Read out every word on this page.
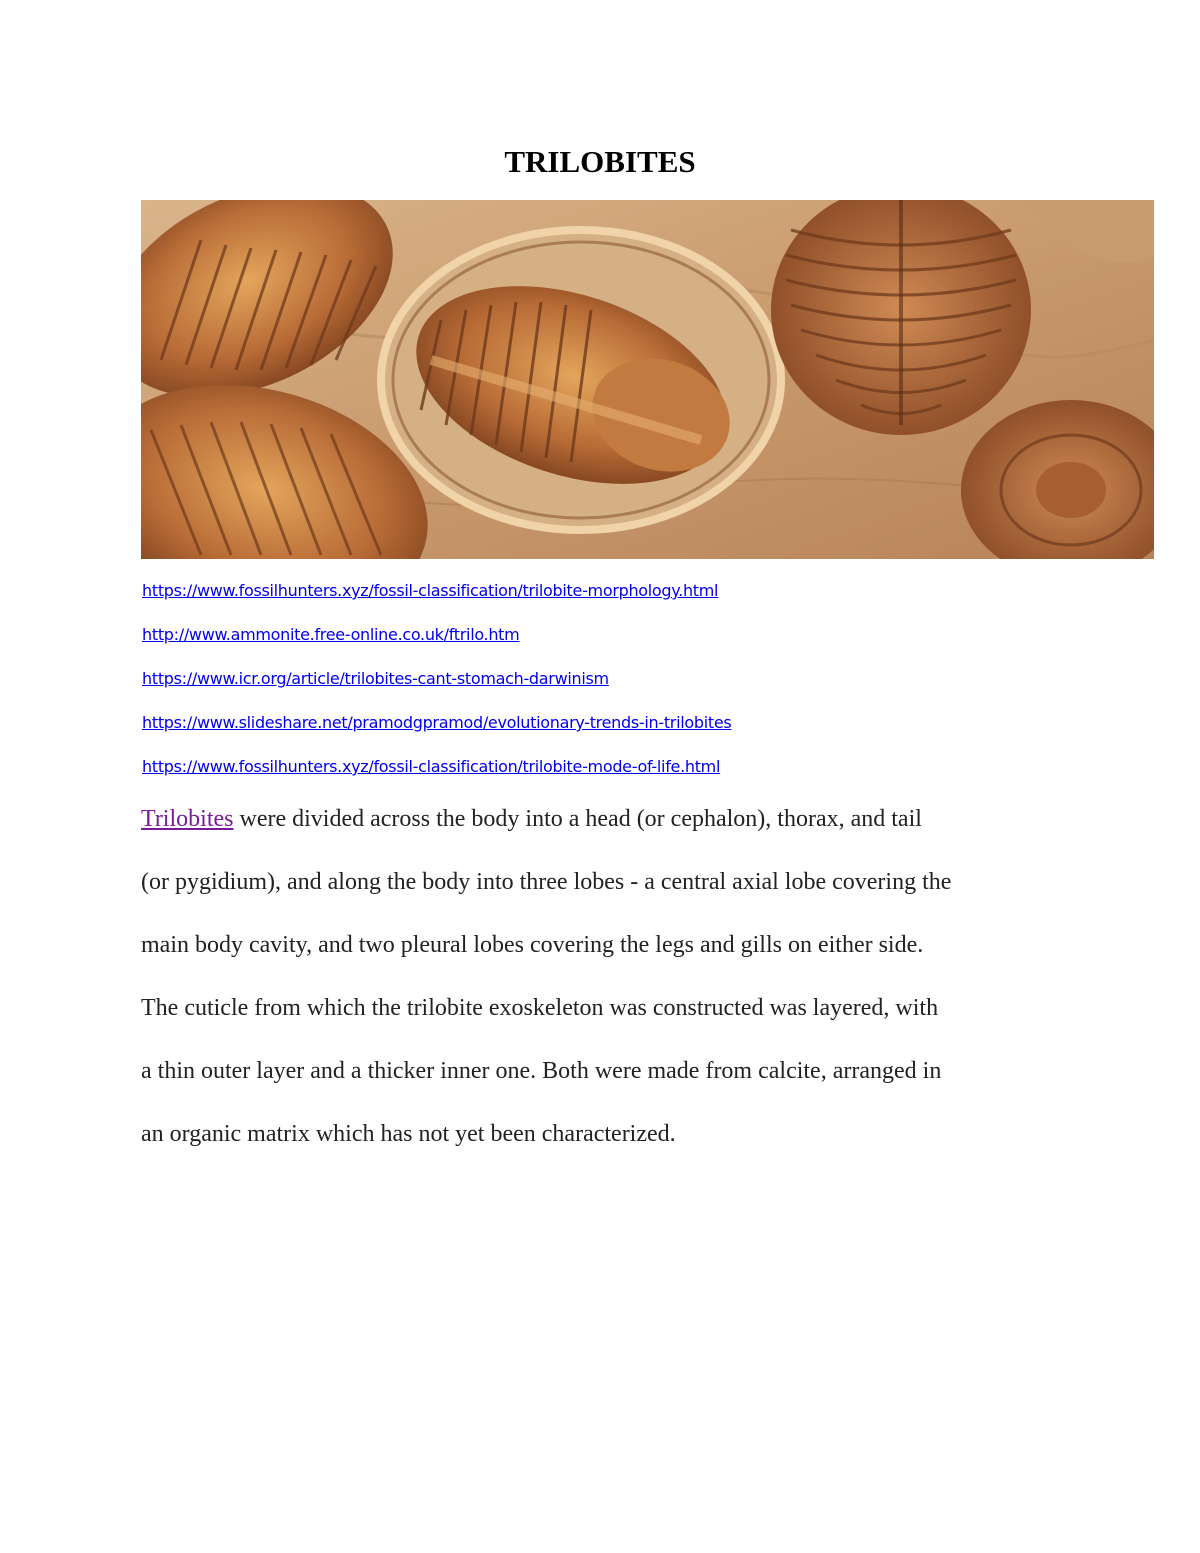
TRILOBITES
https://www.fossilhunters.xyz/fossil-classification/trilobite-morphology.html
http://www.ammonite.free-online.co.uk/ftrilo.htm
https://www.icr.org/article/trilobites-cant-stomach-darwinism
https://www.slideshare.net/pramodgpramod/evolutionary-trends-in-trilobites
https://www.fossilhunters.xyz/fossil-classification/trilobite-mode-of-life.html

Trilobites were divided across the body into a head (or cephalon), thorax, and tail
(or pygidium), and along the body into three lobes - a central axial lobe covering the
main body cavity, and two pleural lobes covering the legs and gills on either side.
The cuticle from which the trilobite exoskeleton was constructed was layered, with
a thin outer layer and a thicker inner one. Both were made from calcite, arranged in
an organic matrix which has not yet been characterized.
